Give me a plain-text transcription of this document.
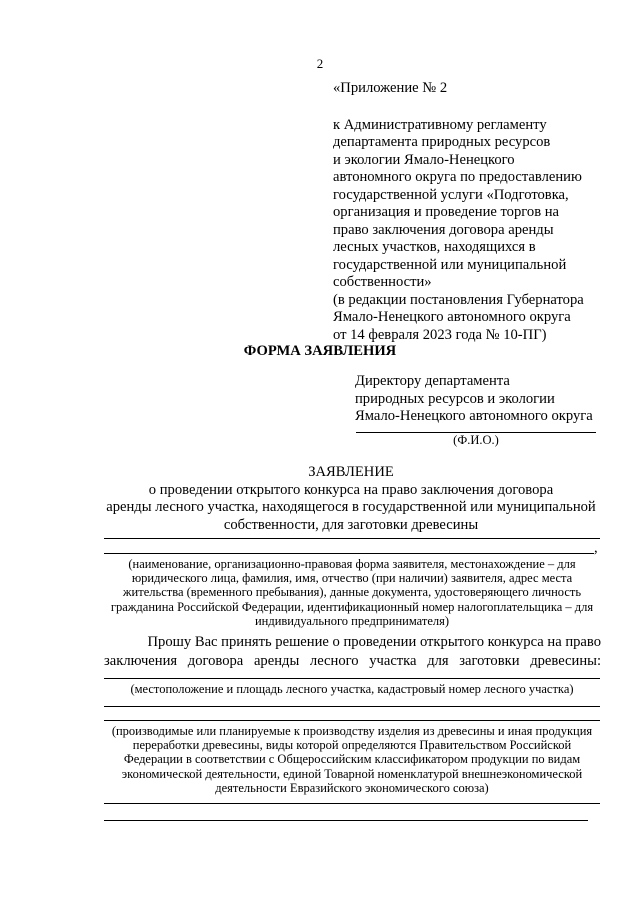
2
«Приложение № 2
к Административному регламенту
департамента природных ресурсов
и экологии Ямало-Ненецкого
автономного округа по предоставлению
государственной услуги «Подготовка,
организация и проведение торгов на
право заключения договора аренды
лесных участков, находящихся в
государственной или муниципальной
собственности»
(в редакции постановления Губернатора
Ямало-Ненецкого автономного округа
от 14 февраля 2023 года № 10-ПГ)
ФОРМА ЗАЯВЛЕНИЯ
Директору департамента
природных ресурсов и экологии
Ямало-Ненецкого автономного округа
(Ф.И.О.)
ЗАЯВЛЕНИЕ
о проведении открытого конкурса на право заключения договора
аренды лесного участка, находящегося в государственной или муниципальной
собственности, для заготовки древесины
,
(наименование, организационно-правовая форма заявителя, местонахождение – для
юридического лица, фамилия, имя, отчество (при наличии) заявителя, адрес места
жительства (временного пребывания), данные документа, удостоверяющего личность
гражданина Российской Федерации, идентификационный номер налогоплательщика – для
индивидуального предпринимателя)
Прошу Вас принять решение о проведении открытого конкурса на право
заключения договора аренды лесного участка для заготовки древесины:
(местоположение и площадь лесного участка, кадастровый номер лесного участка)
(производимые или планируемые к производству изделия из древесины и иная продукция
переработки древесины, виды которой определяются Правительством Российской
Федерации в соответствии с Общероссийским классификатором продукции по видам
экономической деятельности, единой Товарной номенклатурой внешнеэкономической
деятельности Евразийского экономического союза)
